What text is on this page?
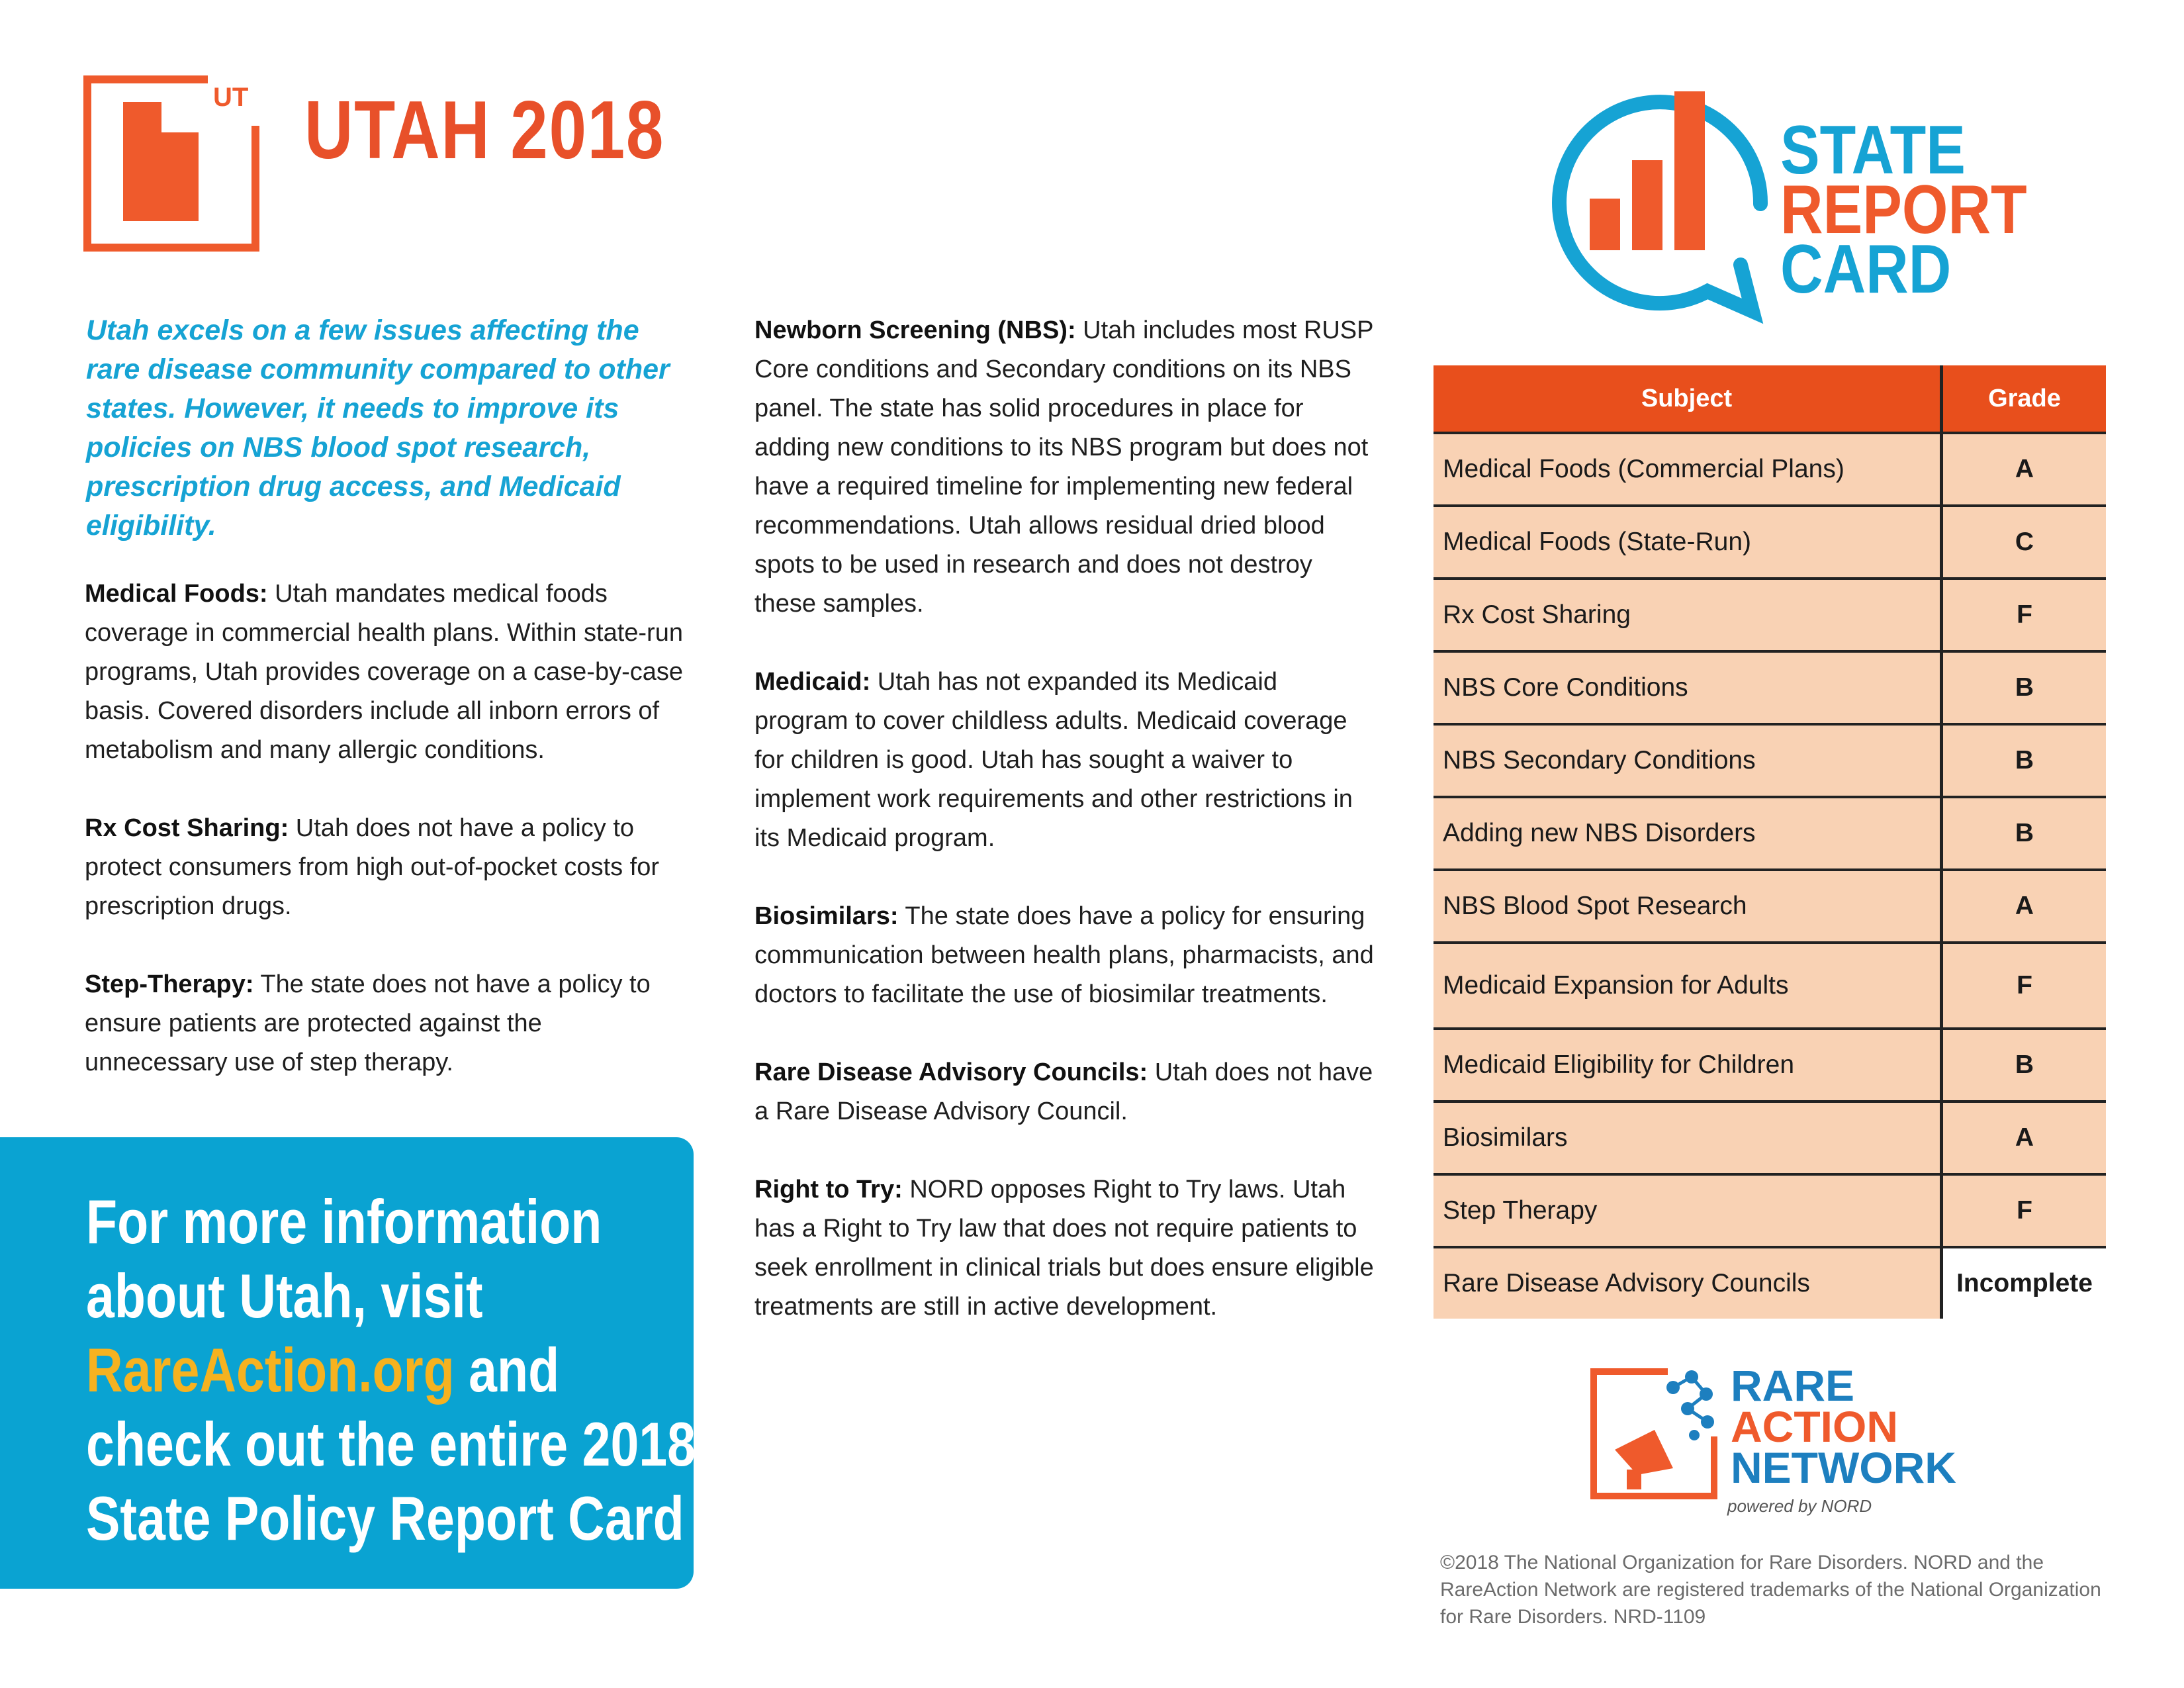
UT UTAH 2018	STATE
REPORT
CARD
Utah excels on a few issues affecting the rare disease community compared to other states. However, it needs to improve its policies on NBS blood spot research, prescription drug access, and Medicaid eligibility.
Medical Foods: Utah mandates medical foods coverage in commercial health plans. Within state-run programs, Utah provides coverage on a case-by-case basis. Covered disorders include all inborn errors of metabolism and many allergic conditions.
Rx Cost Sharing: Utah does not have a policy to protect consumers from high out-of-pocket costs for prescription drugs.
Step-Therapy: The state does not have a policy to ensure patients are protected against the unnecessary use of step therapy.
Newborn Screening (NBS): Utah includes most RUSP Core conditions and Secondary conditions on its NBS panel. The state has solid procedures in place for adding new conditions to its NBS program but does not have a required timeline for implementing new federal recommendations. Utah allows residual dried blood spots to be used in research and does not destroy these samples.
Medicaid: Utah has not expanded its Medicaid program to cover childless adults. Medicaid coverage for children is good. Utah has sought a waiver to implement work requirements and other restrictions in its Medicaid program.
Biosimilars: The state does have a policy for ensuring communication between health plans, pharmacists, and doctors to facilitate the use of biosimilar treatments.
Rare Disease Advisory Councils: Utah does not have a Rare Disease Advisory Council.
Right to Try: NORD opposes Right to Try laws. Utah has a Right to Try law that does not require patients to seek enrollment in clinical trials but does ensure eligible treatments are still in active development.
For more information about Utah, visit RareAction.org and check out the entire 2018 State Policy Report Card
Subject	Grade
Medical Foods (Commercial Plans)	A
Medical Foods (State-Run)	C
Rx Cost Sharing	F
NBS Core Conditions	B
NBS Secondary Conditions	B
Adding new NBS Disorders	B
NBS Blood Spot Research	A
Medicaid Expansion for Adults	F
Medicaid Eligibility for Children	B
Biosimilars	A
Step Therapy	F
Rare Disease Advisory Councils	Incomplete
RARE
ACTION
NETWORK
powered by NORD
©2018 The National Organization for Rare Disorders. NORD and the RareAction Network are registered trademarks of the National Organization for Rare Disorders. NRD-1109
